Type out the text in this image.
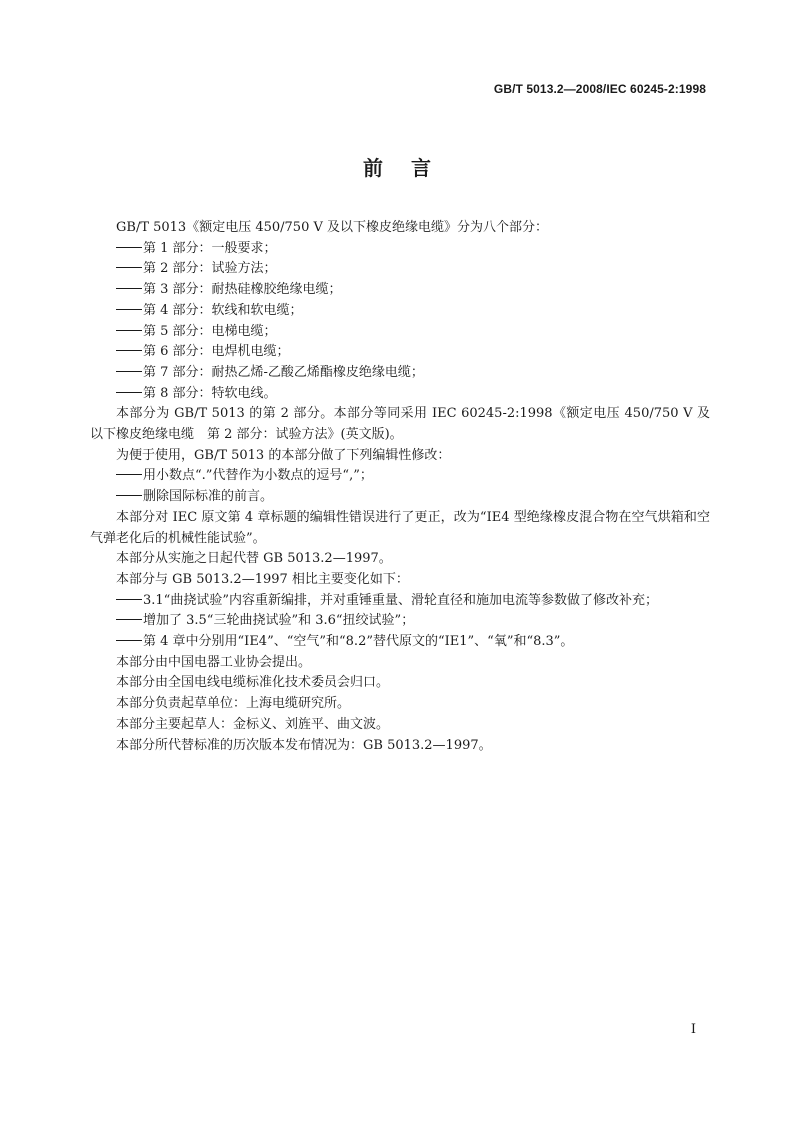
GB/T 5013.2—2008/IEC 60245-2:1998
前言

GB/T 5013《额定电压 450/750 V 及以下橡皮绝缘电缆》分为八个部分：

第 1 部分：一般要求；

第 2 部分：试验方法；

第 3 部分：耐热硅橡胶绝缘电缆；

第 4 部分：软线和软电缆；

第 5 部分：电梯电缆；

第 6 部分：电焊机电缆；

第 7 部分：耐热乙烯-乙酸乙烯酯橡皮绝缘电缆；

第 8 部分：特软电线。

本部分为 GB/T 5013 的第 2 部分。本部分等同采用 IEC 60245-2:1998《额定电压 450/750 V 及以下橡皮绝缘电缆　第 2 部分：试验方法》(英文版)。

为便于使用，GB/T 5013 的本部分做了下列编辑性修改：

用小数点“.”代替作为小数点的逗号“,”；

删除国际标准的前言。

本部分对 IEC 原文第 4 章标题的编辑性错误进行了更正，改为“IE4 型绝缘橡皮混合物在空气烘箱和空气弹老化后的机械性能试验”。

本部分从实施之日起代替 GB 5013.2—1997。

本部分与 GB 5013.2—1997 相比主要变化如下：

3.1“曲挠试验”内容重新编排，并对重锤重量、滑轮直径和施加电流等参数做了修改补充；

增加了 3.5“三轮曲挠试验”和 3.6“扭绞试验”；

第 4 章中分别用“IE4”、“空气”和“8.2”替代原文的“IE1”、“氧”和“8.3”。

本部分由中国电器工业协会提出。

本部分由全国电线电缆标准化技术委员会归口。

本部分负责起草单位：上海电缆研究所。

本部分主要起草人：金标义、刘旌平、曲文波。

本部分所代替标准的历次版本发布情况为：GB 5013.2—1997。

I
